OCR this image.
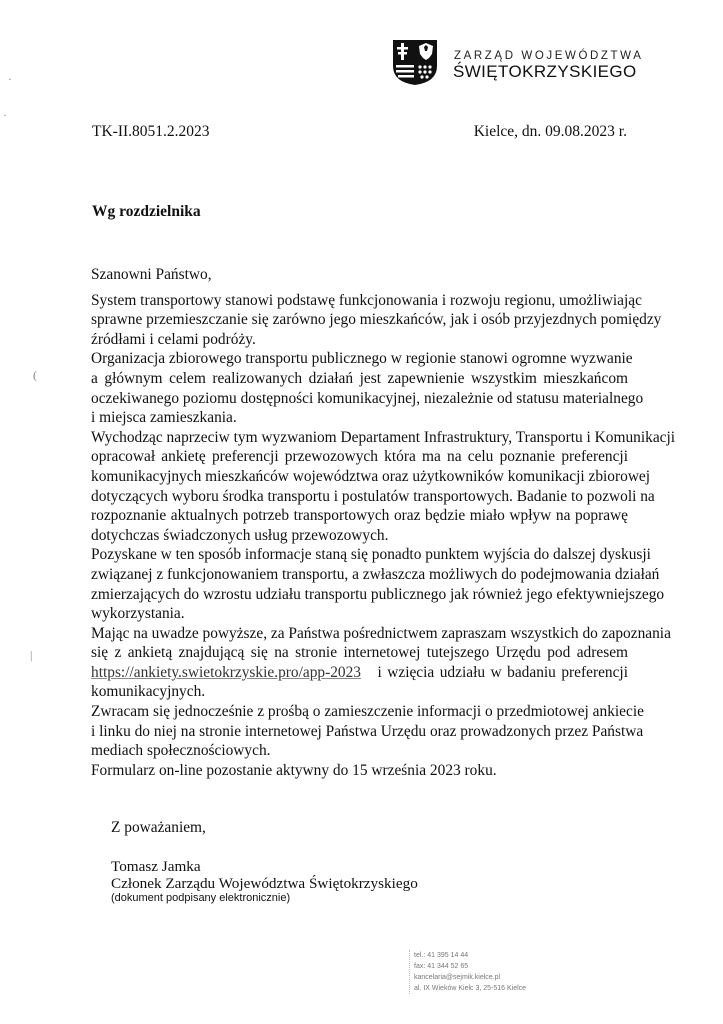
ZARZĄD WOJEWÓDZTWA
ŚWIĘTOKRZYSKIEGO
·
·
(
|
TK-II.8051.2.2023	Kielce, dn. 09.08.2023 r.
Wg rozdzielnika
Szanowni Państwo,
System transportowy stanowi podstawę funkcjonowania i rozwoju regionu, umożliwiając
sprawne przemieszczanie się zarówno jego mieszkańców, jak i osób przyjezdnych pomiędzy
źródłami i celami podróży.
Organizacja zbiorowego transportu publicznego w regionie stanowi ogromne wyzwanie
a głównym celem realizowanych działań jest zapewnienie wszystkim mieszkańcom
oczekiwanego poziomu dostępności komunikacyjnej, niezależnie od statusu materialnego
i miejsca zamieszkania.
Wychodząc naprzeciw tym wyzwaniom Departament Infrastruktury, Transportu i Komunikacji
opracował ankietę preferencji przewozowych która ma na celu poznanie preferencji
komunikacyjnych mieszkańców województwa oraz użytkowników komunikacji zbiorowej
dotyczących wyboru środka transportu i postulatów transportowych. Badanie to pozwoli na
rozpoznanie aktualnych potrzeb transportowych oraz będzie miało wpływ na poprawę
dotychczas świadczonych usług przewozowych.
Pozyskane w ten sposób informacje staną się ponadto punktem wyjścia do dalszej dyskusji
związanej z funkcjonowaniem transportu, a zwłaszcza możliwych do podejmowania działań
zmierzających do wzrostu udziału transportu publicznego jak również jego efektywniejszego
wykorzystania.
Mając na uwadze powyższe, za Państwa pośrednictwem zapraszam wszystkich do zapoznania
się z ankietą znajdującą się na stronie internetowej tutejszego Urzędu pod adresem
https://ankiety.swietokrzyskie.pro/app-2023 i wzięcia udziału w badaniu preferencji
komunikacyjnych.
Zwracam się jednocześnie z prośbą o zamieszczenie informacji o przedmiotowej ankiecie
i linku do niej na stronie internetowej Państwa Urzędu oraz prowadzonych przez Państwa
mediach społecznościowych.
Formularz on-line pozostanie aktywny do 15 września 2023 roku.
Z poważaniem,
Tomasz Jamka
Członek Zarządu Województwa Świętokrzyskiego
(dokument podpisany elektronicznie)
tel.: 41 395 14 44
fax: 41 344 52 65
kancelaria@sejmik.kielce.pl
al. IX Wieków Kielc 3, 25-516 Kielce
